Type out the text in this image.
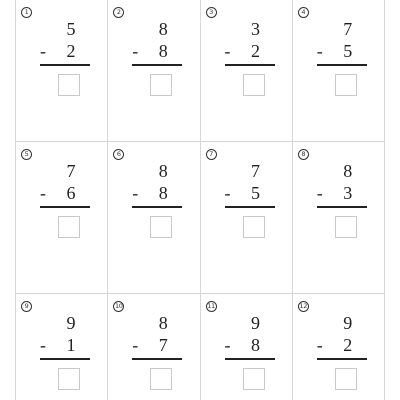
1
5
- 2
2
8
- 8
3
3
- 2
4
7
- 5
5
7
- 6
6
8
- 8
7
7
- 5
8
8
- 3
9
9
- 1
10
8
- 7
11
9
- 8
12
9
- 2
